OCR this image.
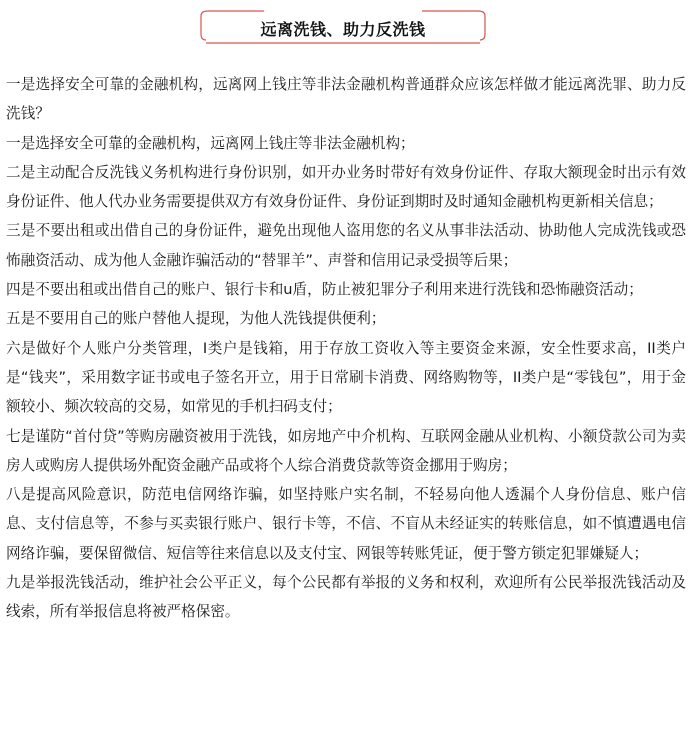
远离洗钱、助力反洗钱

一是选择安全可靠的金融机构，远离网上钱庄等非法金融机构普通群众应该怎样做才能远离洗罪、助力反洗钱？

一是选择安全可靠的金融机构，远离网上钱庄等非法金融机构；

二是主动配合反洗钱义务机构进行身份识别，如开办业务时带好有效身份证件、存取大额现金时出示有效身份证件、他人代办业务需要提供双方有效身份证件、身份证到期时及时通知金融机构更新相关信息；

三是不要出租或出借自己的身份证件，避免出现他人盗用您的名义从事非法活动、协助他人完成洗钱或恐怖融资活动、成为他人金融诈骗活动的“替罪羊”、声誉和信用记录受损等后果；

四是不要出租或出借自己的账户、银行卡和u盾，防止被犯罪分子利用来进行洗钱和恐怖融资活动；

五是不要用自己的账户替他人提现，为他人洗钱提供便利；

六是做好个人账户分类管理，I类户是钱箱，用于存放工资收入等主要资金来源，安全性要求高，II类户是“钱夹”，采用数字证书或电子签名开立，用于日常刷卡消费、网络购物等，II类户是“零钱包”，用于金额较小、频次较高的交易，如常见的手机扫码支付；

七是谨防“首付贷”等购房融资被用于洗钱，如房地产中介机构、互联网金融从业机构、小额贷款公司为卖房人或购房人提供场外配资金融产品或将个人综合消费贷款等资金挪用于购房；

八是提高风险意识，防范电信网络诈骗，如坚持账户实名制，不轻易向他人透漏个人身份信息、账户信息、支付信息等，不参与买卖银行账户、银行卡等，不信、不盲从未经证实的转账信息，如不慎遭遇电信网络诈骗，要保留微信、短信等往来信息以及支付宝、网银等转账凭证，便于警方锁定犯罪嫌疑人；

九是举报洗钱活动，维护社会公平正义，每个公民都有举报的义务和权利，欢迎所有公民举报洗钱活动及线索，所有举报信息将被严格保密。
